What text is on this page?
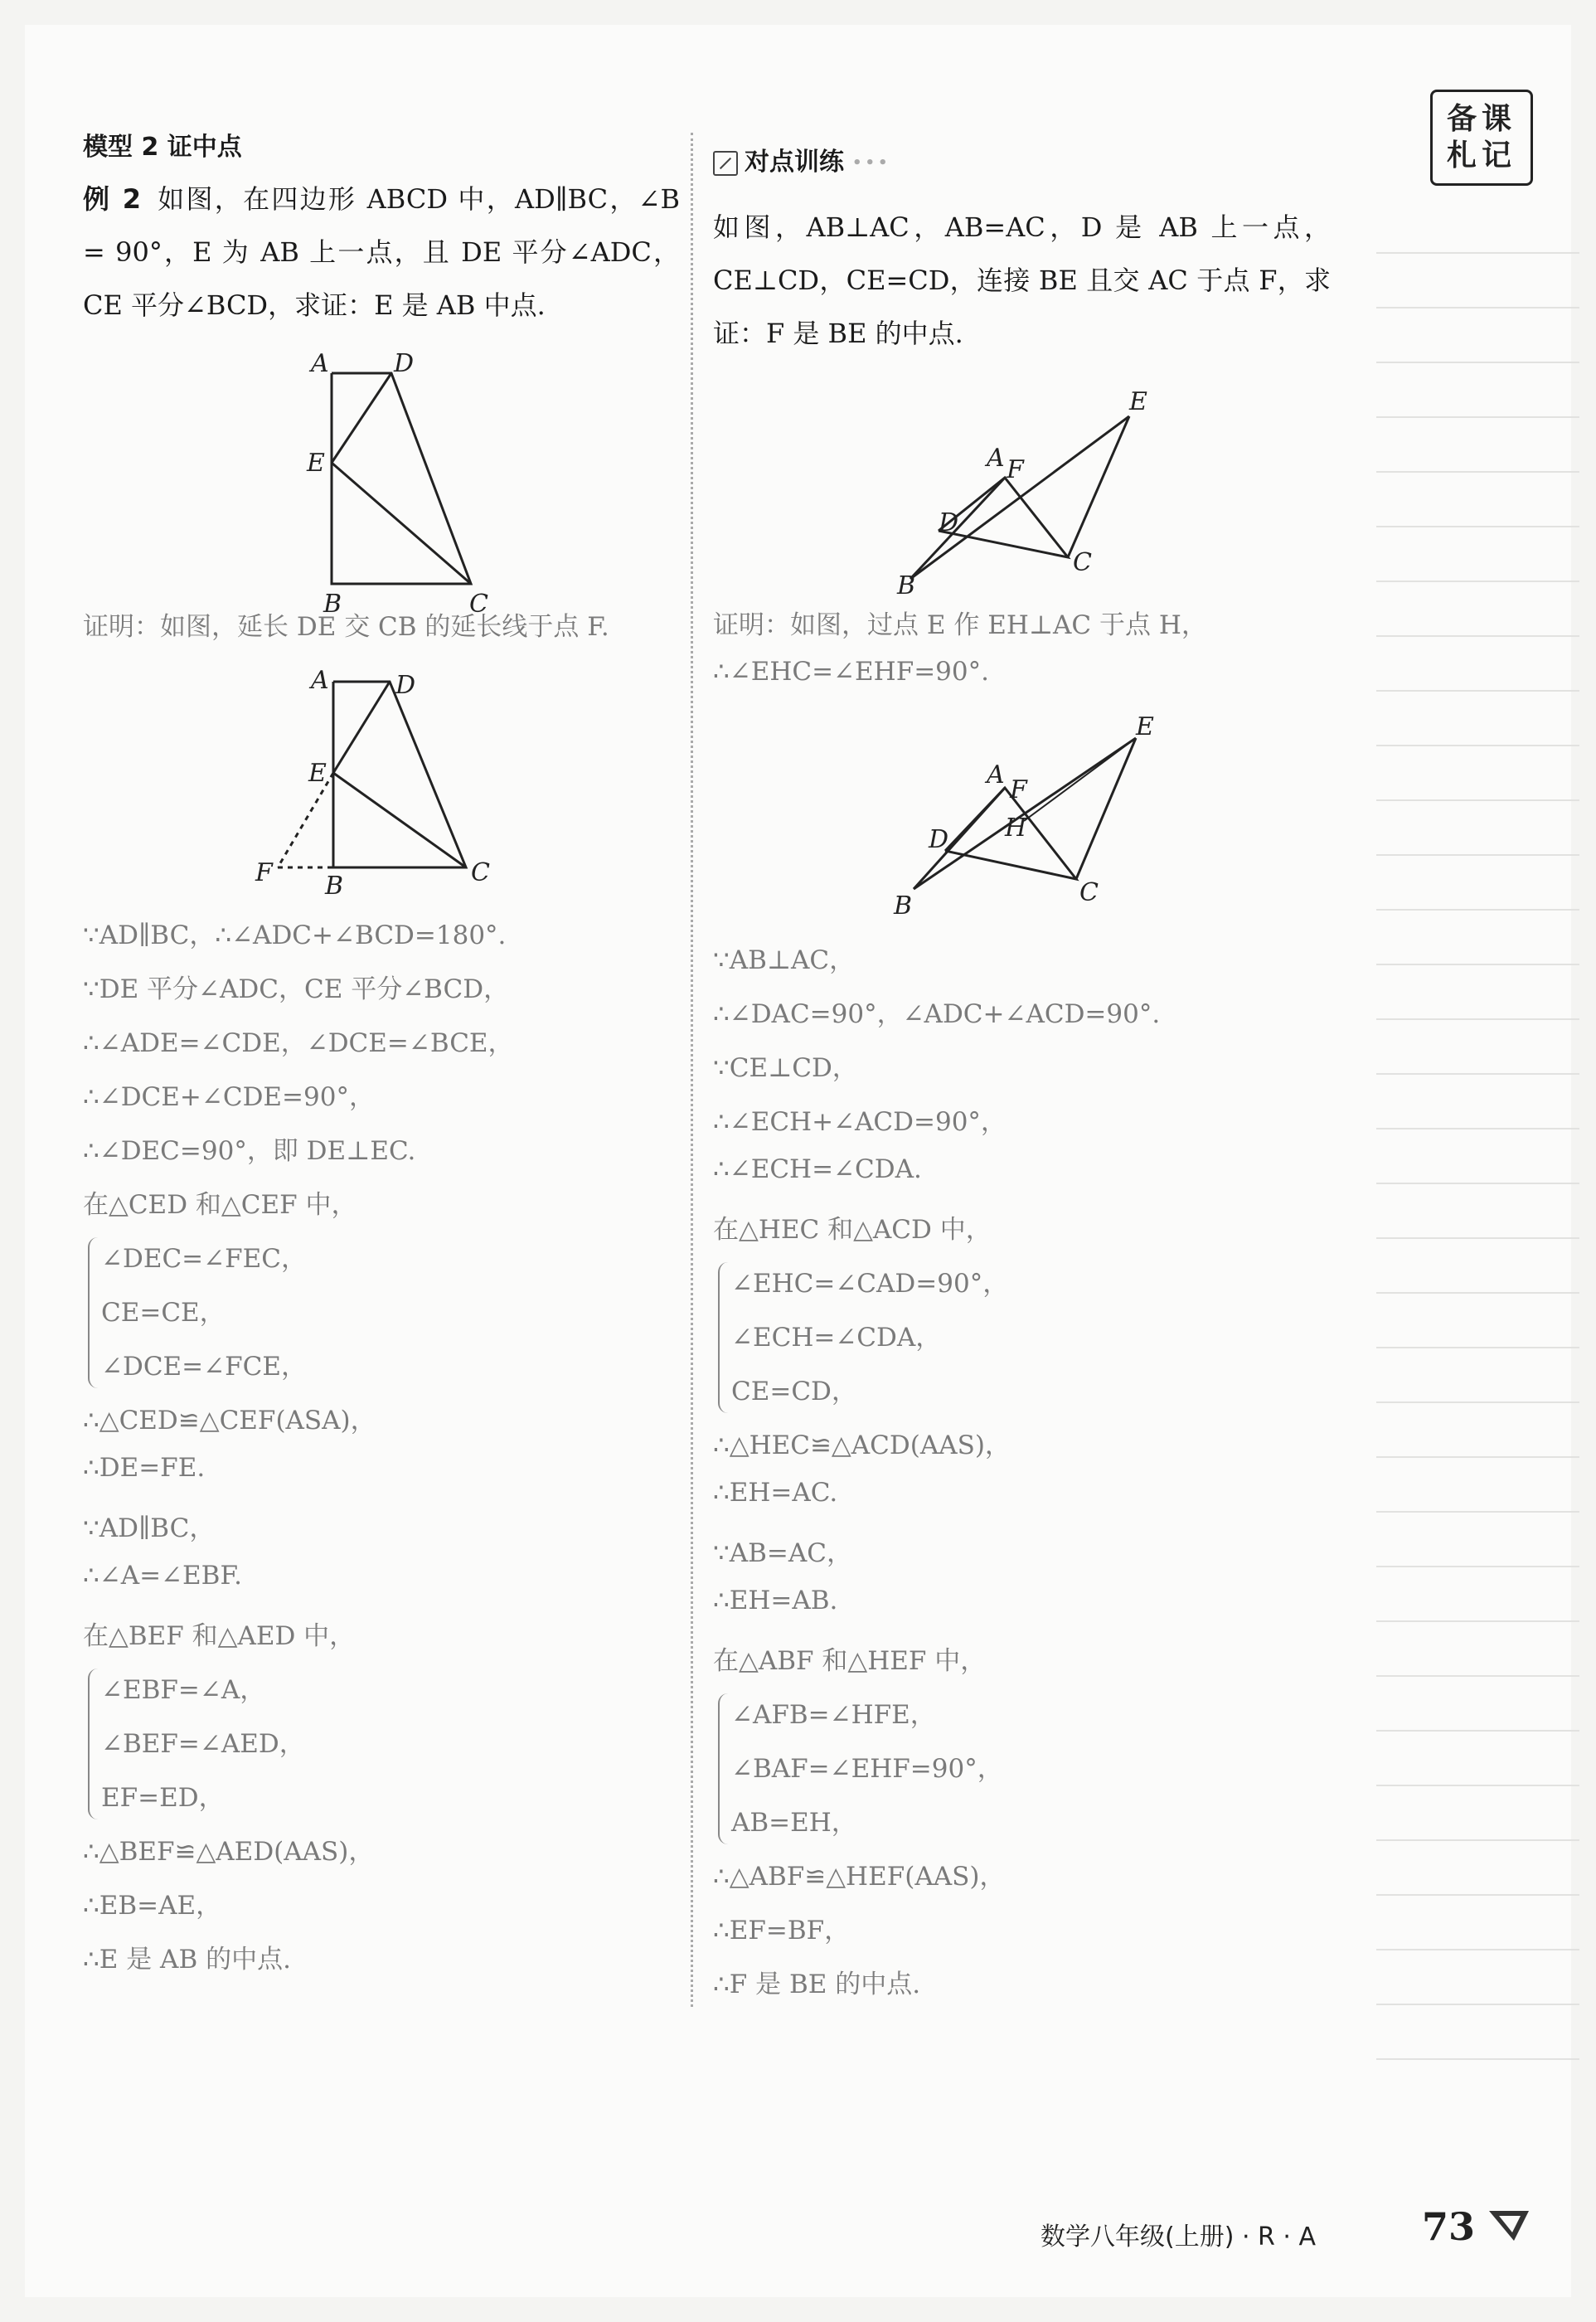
备课
札记
模型 2 证中点
例 2 如图，在四边形 ABCD 中，AD∥BC，∠B = 90°，E 为 AB 上一点，且 DE 平分∠ADC，CE 平分∠BCD，求证：E 是 AB 中点.
A	D
E
B	C
证明：如图，延长 DE 交 CB 的延长线于点 F.
A	D
E
F B	C
∵AD∥BC，∴∠ADC+∠BCD=180°.
∵DE 平分∠ADC，CE 平分∠BCD，
∴∠ADE=∠CDE，∠DCE=∠BCE，
∴∠DCE+∠CDE=90°，
∴∠DEC=90°，即 DE⊥EC.
在△CED 和△CEF 中，
∠DEC=∠FEC，
CE=CE，
∠DCE=∠FCE，
∴△CED≌△CEF(ASA)，
∴DE=FE.
∵AD∥BC，
∴∠A=∠EBF.
在△BEF 和△AED 中，
∠EBF=∠A，
∠BEF=∠AED，
EF=ED，
∴△BEF≌△AED(AAS)，
∴EB=AE，
∴E 是 AB 的中点.
对点训练 •••
如图，AB⊥AC，AB=AC，D 是 AB 上一点，CE⊥CD，CE=CD，连接 BE 且交 AC 于点 F，求证：F 是 BE 的中点.
E
A F
D
B
C
证明：如图，过点 E 作 EH⊥AC 于点 H，
∴∠EHC=∠EHF=90°.
E
A
F
H
D
B	C
∵AB⊥AC，
∴∠DAC=90°，∠ADC+∠ACD=90°.
∵CE⊥CD，
∴∠ECH+∠ACD=90°，
∴∠ECH=∠CDA.
在△HEC 和△ACD 中，
∠EHC=∠CAD=90°，
∠ECH=∠CDA，
CE=CD，
∴△HEC≌△ACD(AAS)，
∴EH=AC.
∵AB=AC，
∴EH=AB.
在△ABF 和△HEF 中，
∠AFB=∠HFE，
∠BAF=∠EHF=90°，
AB=EH，
∴△ABF≌△HEF(AAS)，
∴EF=BF，
∴F 是 BE 的中点.
数学八年级(上册) · R · A	73
